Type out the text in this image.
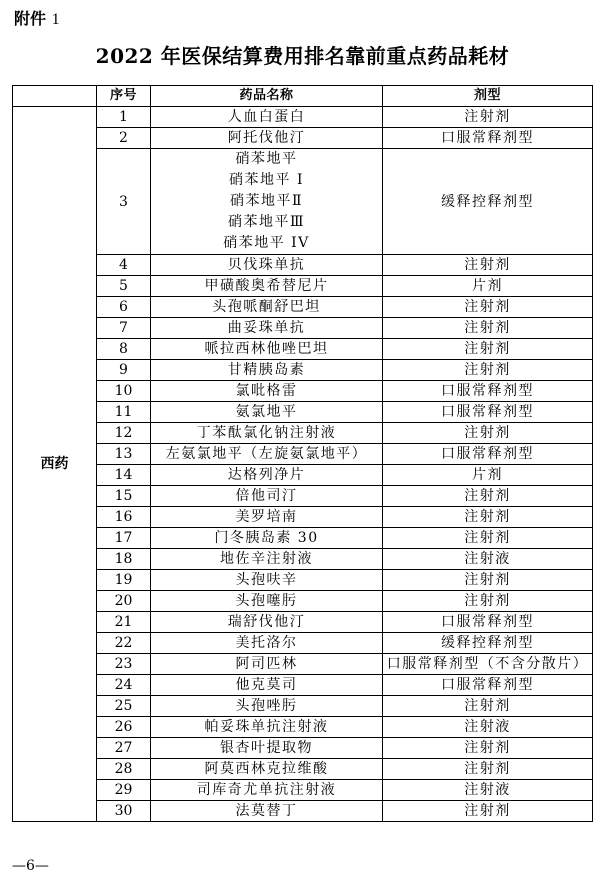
附件 1
2022 年医保结算费用排名靠前重点药品耗材
	序号	药品名称	剂型
西药	1	人血白蛋白	注射剂
	2	阿托伐他汀	口服常释剂型
	3	硝苯地平
硝苯地平 I
硝苯地平Ⅱ
硝苯地平Ⅲ
硝苯地平 IV	缓释控释剂型
	4	贝伐珠单抗	注射剂
	5	甲磺酸奥希替尼片	片剂
	6	头孢哌酮舒巴坦	注射剂
	7	曲妥珠单抗	注射剂
	8	哌拉西林他唑巴坦	注射剂
	9	甘精胰岛素	注射剂
	10	氯吡格雷	口服常释剂型
	11	氨氯地平	口服常释剂型
	12	丁苯酞氯化钠注射液	注射剂
	13	左氨氯地平（左旋氨氯地平）	口服常释剂型
	14	达格列净片	片剂
	15	倍他司汀	注射剂
	16	美罗培南	注射剂
	17	门冬胰岛素 30	注射剂
	18	地佐辛注射液	注射液
	19	头孢呋辛	注射剂
	20	头孢噻肟	注射剂
	21	瑞舒伐他汀	口服常释剂型
	22	美托洛尔	缓释控释剂型
	23	阿司匹林	口服常释剂型（不含分散片）
	24	他克莫司	口服常释剂型
	25	头孢唑肟	注射剂
	26	帕妥珠单抗注射液	注射液
	27	银杏叶提取物	注射剂
	28	阿莫西林克拉维酸	注射剂
	29	司库奇尤单抗注射液	注射液
	30	法莫替丁	注射剂
—6—
